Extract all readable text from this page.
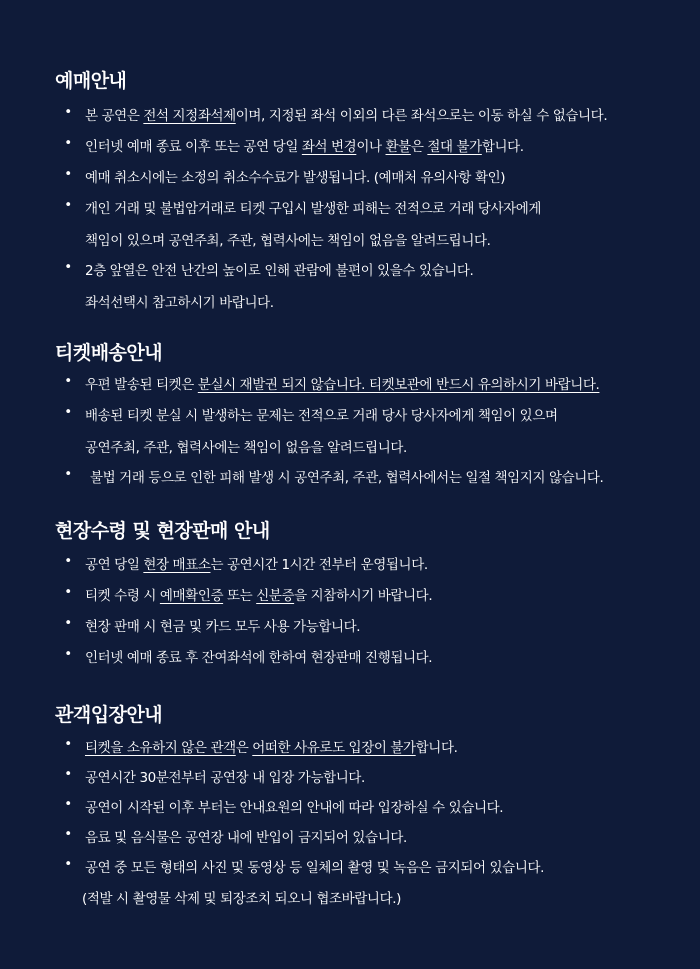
예매안내
• 본 공연은 전석 지정좌석제이며, 지정된 좌석 이외의 다른 좌석으로는 이동 하실 수 없습니다.
• 인터넷 예매 종료 이후 또는 공연 당일 좌석 변경이나 환불은 절대 불가합니다.
• 예매 취소시에는 소정의 취소수수료가 발생됩니다. (예매처 유의사항 확인)
• 개인 거래 및 불법암거래로 티켓 구입시 발생한 피해는 전적으로 거래 당사자에게
책임이 있으며 공연주최, 주관, 협력사에는 책임이 없음을 알려드립니다.
• 2층 앞열은 안전 난간의 높이로 인해 관람에 불편이 있을수 있습니다.
좌석선택시 참고하시기 바랍니다.
티켓배송안내
• 우편 발송된 티켓은 분실시 재발권 되지 않습니다. 티켓보관에 반드시 유의하시기 바랍니다.
• 배송된 티켓 분실 시 발생하는 문제는 전적으로 거래 당사 당사자에게 책임이 있으며
공연주최, 주관, 협력사에는 책임이 없음을 알려드립니다.
• 불법 거래 등으로 인한 피해 발생 시 공연주최, 주관, 협력사에서는 일절 책임지지 않습니다.
현장수령 및 현장판매 안내
• 공연 당일 현장 매표소는 공연시간 1시간 전부터 운영됩니다.
• 티켓 수령 시 예매확인증 또는 신분증을 지참하시기 바랍니다.
• 현장 판매 시 현금 및 카드 모두 사용 가능합니다.
• 인터넷 예매 종료 후 잔여좌석에 한하여 현장판매 진행됩니다.
관객입장안내
• 티켓을 소유하지 않은 관객은 어떠한 사유로도 입장이 불가합니다.
• 공연시간 30분전부터 공연장 내 입장 가능합니다.
• 공연이 시작된 이후 부터는 안내요원의 안내에 따라 입장하실 수 있습니다.
• 음료 및 음식물은 공연장 내에 반입이 금지되어 있습니다.
• 공연 중 모든 형태의 사진 및 동영상 등 일체의 촬영 및 녹음은 금지되어 있습니다.
(적발 시 촬영물 삭제 및 퇴장조치 되오니 협조바랍니다.)
